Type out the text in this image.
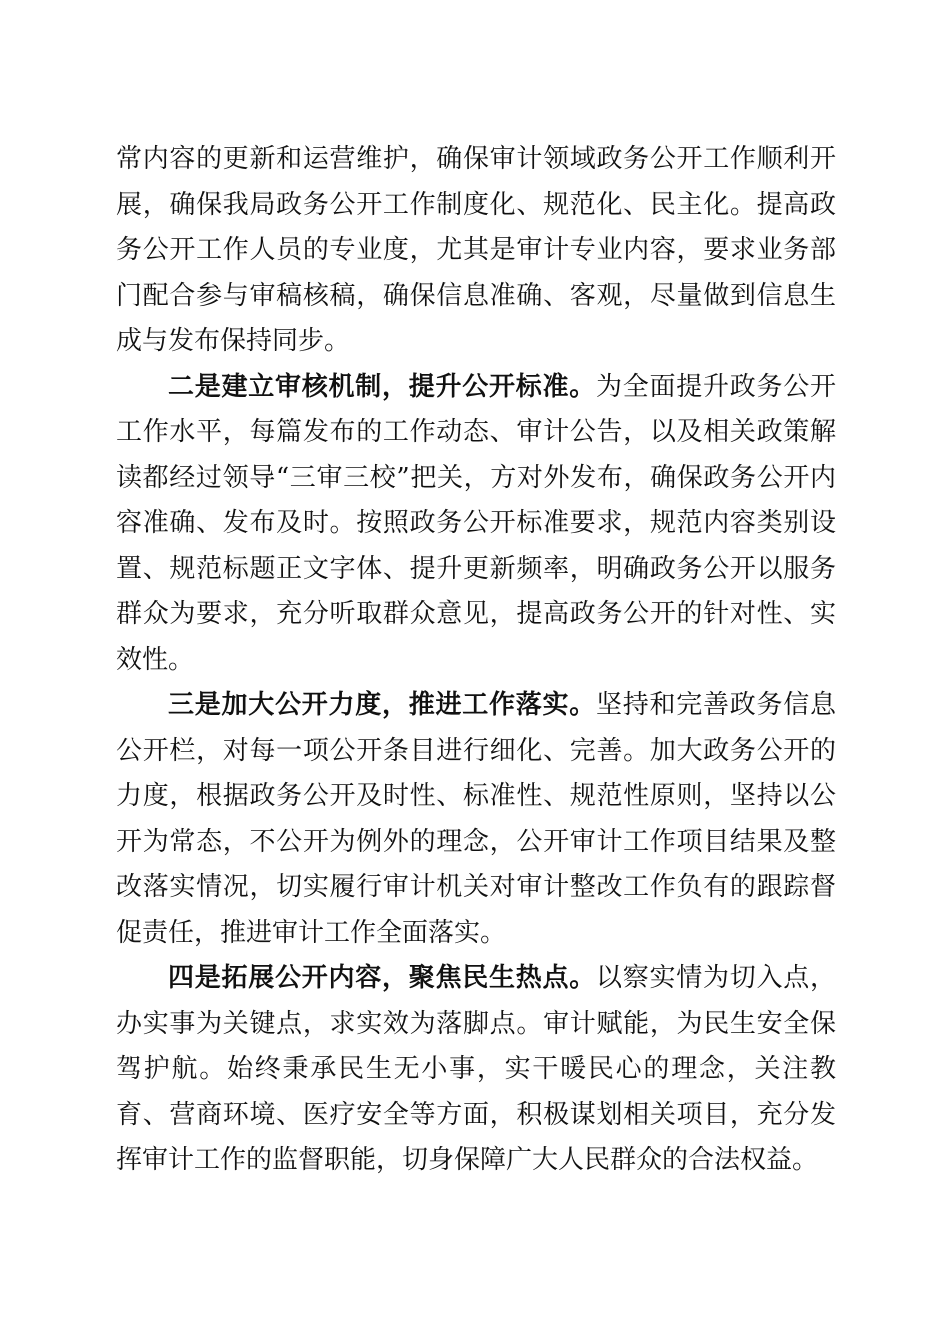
常内容的更新和运营维护，确保审计领域政务公开工作顺利开展，确保我局政务公开工作制度化、规范化、民主化。提高政务公开工作人员的专业度，尤其是审计专业内容，要求业务部门配合参与审稿核稿，确保信息准确、客观，尽量做到信息生成与发布保持同步。

二是建立审核机制，提升公开标准。为全面提升政务公开工作水平，每篇发布的工作动态、审计公告，以及相关政策解读都经过领导“三审三校”把关，方对外发布，确保政务公开内容准确、发布及时。按照政务公开标准要求，规范内容类别设置、规范标题正文字体、提升更新频率，明确政务公开以服务群众为要求，充分听取群众意见，提高政务公开的针对性、实效性。

三是加大公开力度，推进工作落实。坚持和完善政务信息公开栏，对每一项公开条目进行细化、完善。加大政务公开的力度，根据政务公开及时性、标准性、规范性原则，坚持以公开为常态，不公开为例外的理念，公开审计工作项目结果及整改落实情况，切实履行审计机关对审计整改工作负有的跟踪督促责任，推进审计工作全面落实。

四是拓展公开内容，聚焦民生热点。以察实情为切入点，办实事为关键点，求实效为落脚点。审计赋能，为民生安全保驾护航。始终秉承民生无小事，实干暖民心的理念，关注教育、营商环境、医疗安全等方面，积极谋划相关项目，充分发挥审计工作的监督职能，切身保障广大人民群众的合法权益。
